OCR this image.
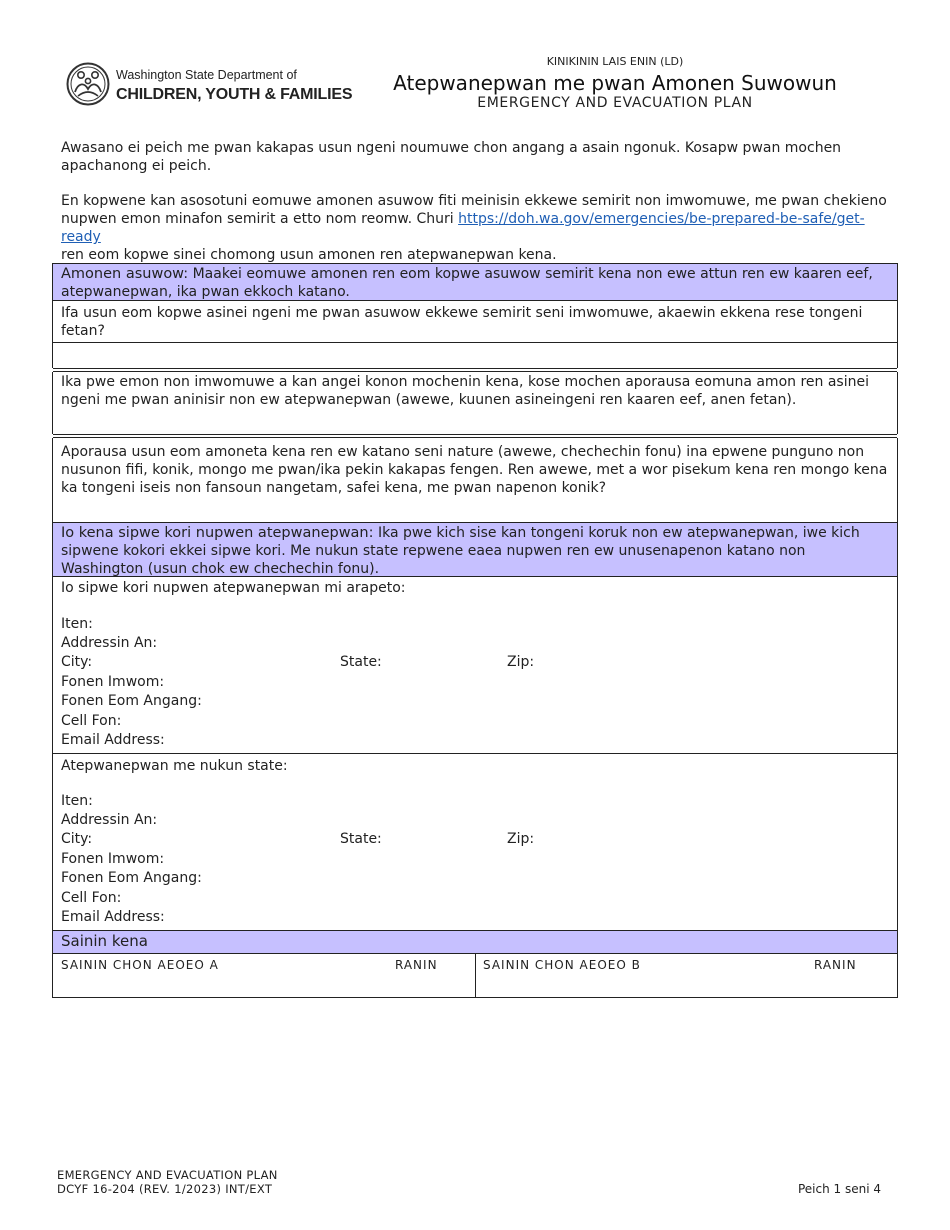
Washington State Department of
CHILDREN, YOUTH & FAMILIES
KINIKININ LAIS ENIN (LD)
Atepwanepwan me pwan Amonen Suwowun
EMERGENCY AND EVACUATION PLAN
Awasano ei peich me pwan kakapas usun ngeni noumuwe chon angang a asain ngonuk. Kosapw pwan mochen apachanong ei peich.
En kopwene kan asosotuni eomuwe amonen asuwow fiti meinisin ekkewe semirit non imwomuwe, me pwan chekieno nupwen emon minafon semirit a etto nom reomw. Churi https://doh.wa.gov/emergencies/be-prepared-be-safe/get-ready
ren eom kopwe sinei chomong usun amonen ren atepwanepwan kena.
Amonen asuwow: Maakei eomuwe amonen ren eom kopwe asuwow semirit kena non ewe attun ren ew kaaren eef, atepwanepwan, ika pwan ekkoch katano.
Ifa usun eom kopwe asinei ngeni me pwan asuwow ekkewe semirit seni imwomuwe, akaewin ekkena rese tongeni fetan?
Ika pwe emon non imwomuwe a kan angei konon mochenin kena, kose mochen aporausa eomuna amon ren asinei ngeni me pwan aninisir non ew atepwanepwan (awewe, kuunen asineingeni ren kaaren eef, anen fetan).
Aporausa usun eom amoneta kena ren ew katano seni nature (awewe, chechechin fonu) ina epwene punguno non nusunon fifi, konik, mongo me pwan/ika pekin kakapas fengen. Ren awewe, met a wor pisekum kena ren mongo kena ka tongeni iseis non fansoun nangetam, safei kena, me pwan napenon konik?
Io kena sipwe kori nupwen atepwanepwan: Ika pwe kich sise kan tongeni koruk non ew atepwanepwan, iwe kich sipwene kokori ekkei sipwe kori. Me nukun state repwene eaea nupwen ren ew unusenapenon katano non Washington (usun chok ew chechechin fonu).
Io sipwe kori nupwen atepwanepwan mi arapeto:
Iten:
Addressin An:
City:	State:	Zip:
Fonen Imwom:
Fonen Eom Angang:
Cell Fon:
Email Address:
Atepwanepwan me nukun state:
Iten:
Addressin An:
City:	State:	Zip:
Fonen Imwom:
Fonen Eom Angang:
Cell Fon:
Email Address:
Sainin kena
SAININ CHON AEOEO A	RANIN	SAININ CHON AEOEO B	RANIN
EMERGENCY AND EVACUATION PLAN
DCYF 16-204 (REV. 1/2023) INT/EXT	Peich 1 seni 4
